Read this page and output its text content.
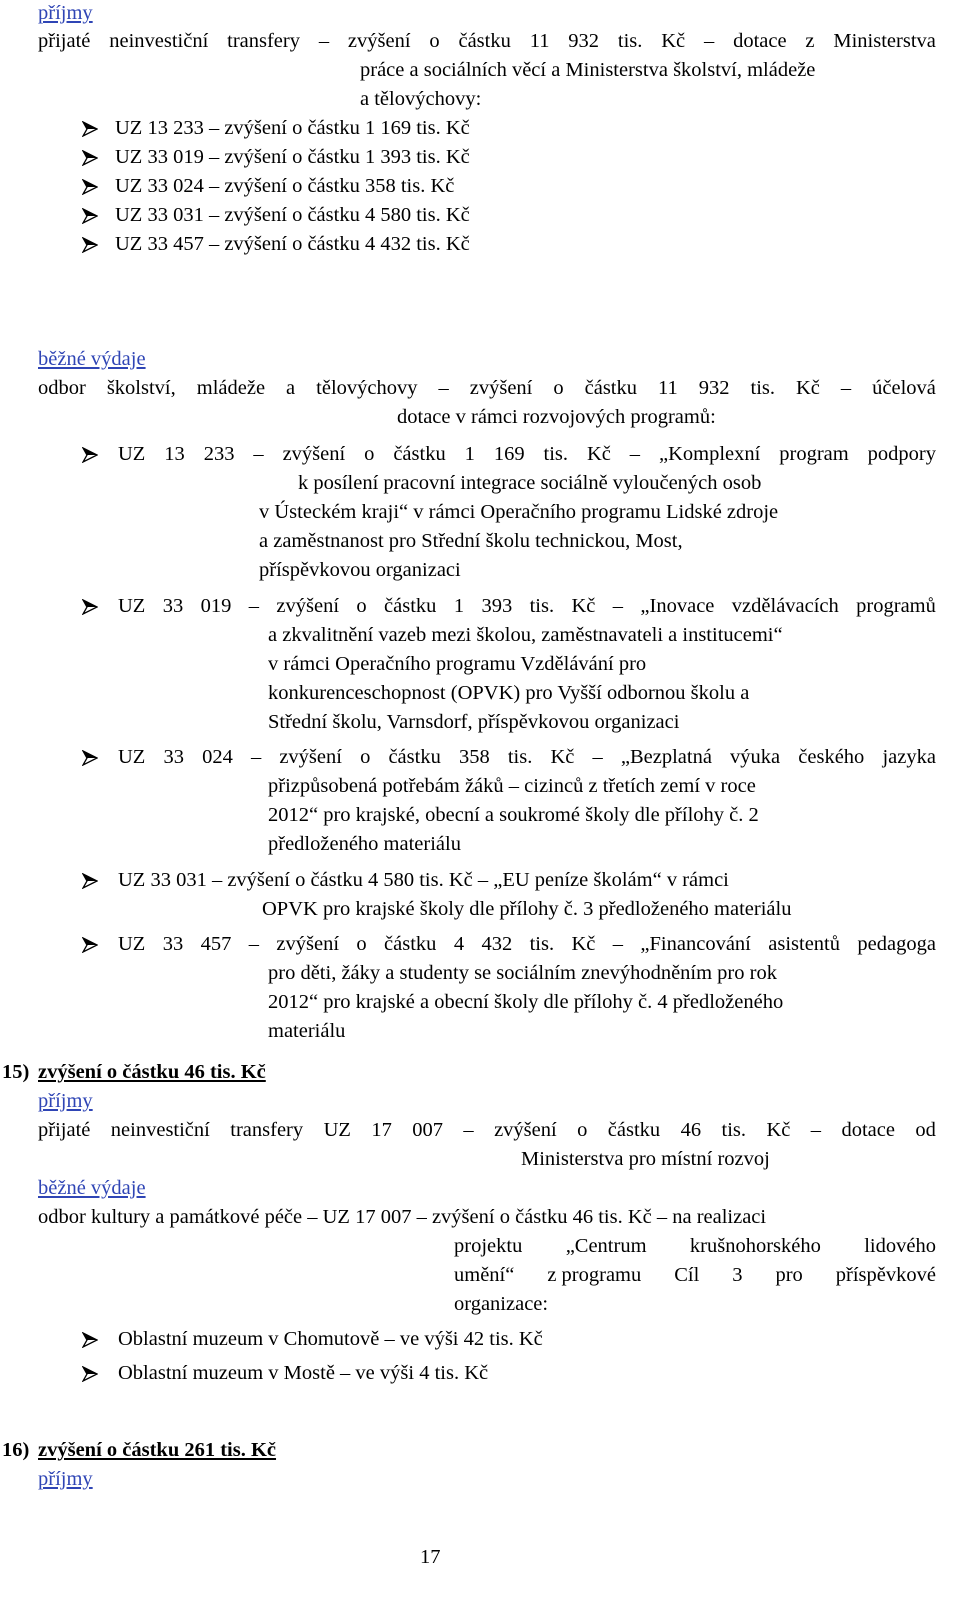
příjmy
přijaté neinvestiční transfery – zvýšení o částku 11 932 tis. Kč – dotace z Ministerstva
práce a sociálních věcí a Ministerstva školství, mládeže
a tělovýchovy:
UZ 13 233 – zvýšení o částku 1 169 tis. Kč
UZ 33 019 – zvýšení o částku 1 393 tis. Kč
UZ 33 024 – zvýšení o částku 358 tis. Kč
UZ 33 031 – zvýšení o částku 4 580 tis. Kč
UZ 33 457 – zvýšení o částku 4 432 tis. Kč
běžné výdaje
odbor školství, mládeže a tělovýchovy – zvýšení o částku 11 932 tis. Kč – účelová
dotace v rámci rozvojových programů:
UZ 13 233 – zvýšení o částku 1 169 tis. Kč – „Komplexní program podpory
k posílení pracovní integrace sociálně vyloučených osob
v Ústeckém kraji“ v rámci Operačního programu Lidské zdroje
a zaměstnanost pro Střední školu technickou, Most,
příspěvkovou organizaci
UZ 33 019 – zvýšení o částku 1 393 tis. Kč – „Inovace vzdělávacích programů
a zkvalitnění vazeb mezi školou, zaměstnavateli a institucemi“
v rámci Operačního programu Vzdělávání pro
konkurenceschopnost (OPVK) pro Vyšší odbornou školu a
Střední školu, Varnsdorf, příspěvkovou organizaci
UZ 33 024 – zvýšení o částku 358 tis. Kč – „Bezplatná výuka českého jazyka
přizpůsobená potřebám žáků – cizinců z třetích zemí v roce
2012“ pro krajské, obecní a soukromé školy dle přílohy č. 2
předloženého materiálu
UZ 33 031 – zvýšení o částku 4 580 tis. Kč – „EU peníze školám“ v rámci
OPVK pro krajské školy dle přílohy č. 3 předloženého materiálu
UZ 33 457 – zvýšení o částku 4 432 tis. Kč – „Financování asistentů pedagoga
pro děti, žáky a studenty se sociálním znevýhodněním pro rok
2012“ pro krajské a obecní školy dle přílohy č. 4 předloženého
materiálu
15) zvýšení o částku 46 tis. Kč
příjmy
přijaté neinvestiční transfery UZ 17 007 – zvýšení o částku 46 tis. Kč – dotace od
Ministerstva pro místní rozvoj
běžné výdaje
odbor kultury a památkové péče – UZ 17 007 – zvýšení o částku 46 tis. Kč – na realizaci
projektu „Centrum krušnohorského lidového
umění“ z programu Cíl 3 pro příspěvkové
organizace:
Oblastní muzeum v Chomutově – ve výši 42 tis. Kč
Oblastní muzeum v Mostě – ve výši 4 tis. Kč
16) zvýšení o částku 261 tis. Kč
příjmy
17
